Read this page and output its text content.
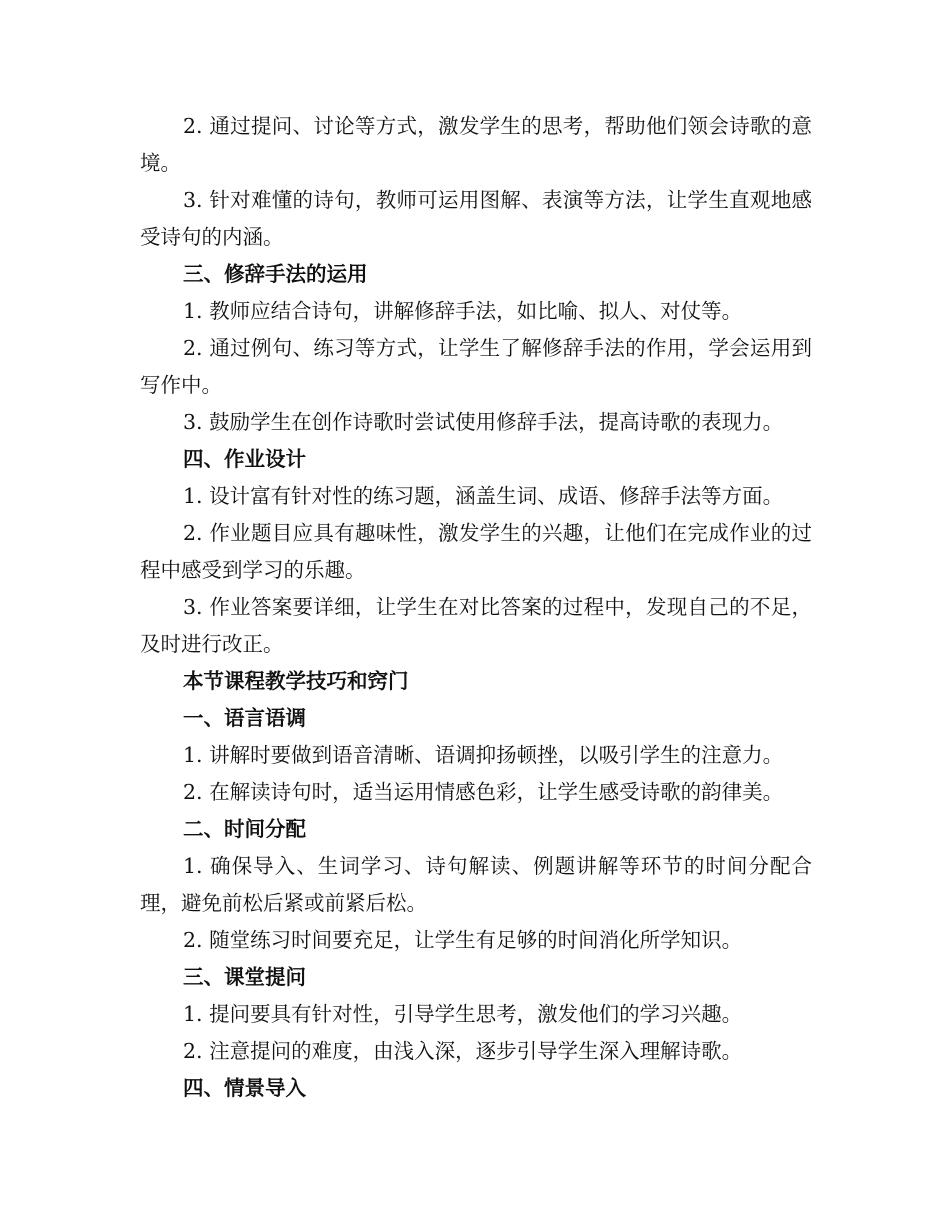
2. 通过提问、讨论等方式，激发学生的思考，帮助他们领会诗歌的意境。

3. 针对难懂的诗句，教师可运用图解、表演等方法，让学生直观地感受诗句的内涵。

三、修辞手法的运用

1. 教师应结合诗句，讲解修辞手法，如比喻、拟人、对仗等。

2. 通过例句、练习等方式，让学生了解修辞手法的作用，学会运用到写作中。

3. 鼓励学生在创作诗歌时尝试使用修辞手法，提高诗歌的表现力。

四、作业设计

1. 设计富有针对性的练习题，涵盖生词、成语、修辞手法等方面。

2. 作业题目应具有趣味性，激发学生的兴趣，让他们在完成作业的过程中感受到学习的乐趣。

3. 作业答案要详细，让学生在对比答案的过程中，发现自己的不足，及时进行改正。

本节课程教学技巧和窍门

一、语言语调

1. 讲解时要做到语音清晰、语调抑扬顿挫，以吸引学生的注意力。

2. 在解读诗句时，适当运用情感色彩，让学生感受诗歌的韵律美。

二、时间分配

1. 确保导入、生词学习、诗句解读、例题讲解等环节的时间分配合理，避免前松后紧或前紧后松。

2. 随堂练习时间要充足，让学生有足够的时间消化所学知识。

三、课堂提问

1. 提问要具有针对性，引导学生思考，激发他们的学习兴趣。

2. 注意提问的难度，由浅入深，逐步引导学生深入理解诗歌。

四、情景导入
